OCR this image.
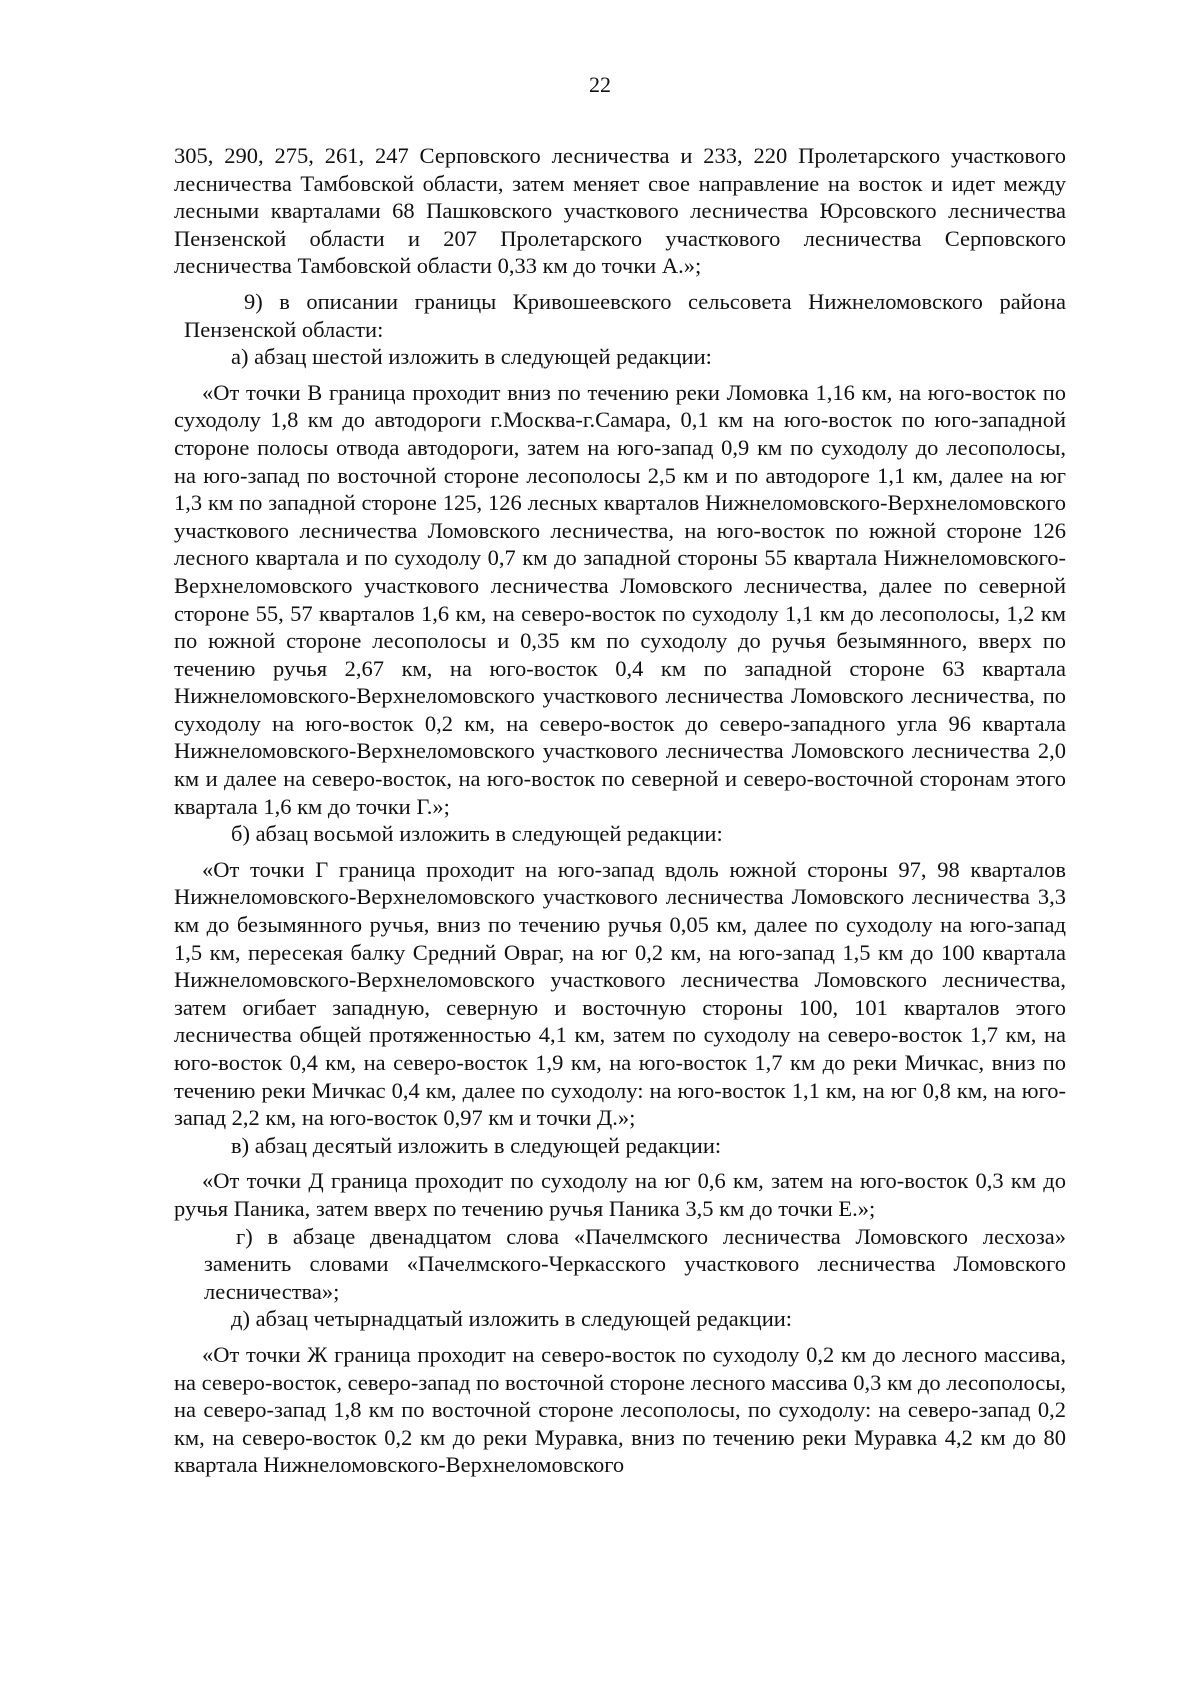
22

305, 290, 275, 261, 247 Серповского лесничества и 233, 220 Пролетарского участкового лесничества Тамбовской области, затем меняет свое направление на восток и идет между лесными кварталами 68 Пашковского участкового лесничества Юрсовского лесничества Пензенской области и 207 Пролетарского участкового лесничества Серповского лесничества Тамбовской области 0,33 км до точки А.»;

9) в описании границы Кривошеевского сельсовета Нижнеломовского района Пензенской области:

а) абзац шестой изложить в следующей редакции:

«От точки В граница проходит вниз по течению реки Ломовка 1,16 км, на юго-восток по суходолу 1,8 км до автодороги г.Москва-г.Самара, 0,1 км на юго-восток по юго-западной стороне полосы отвода автодороги, затем на юго-запад 0,9 км по суходолу до лесополосы, на юго-запад по восточной стороне лесополосы 2,5 км и по автодороге 1,1 км, далее на юг 1,3 км по западной стороне 125, 126 лесных кварталов Нижнеломовского-Верхнеломовского участкового лесничества Ломовского лесничества, на юго-восток по южной стороне 126 лесного квартала и по суходолу 0,7 км до западной стороны 55 квартала Нижнеломовского-Верхнеломовского участкового лесничества Ломовского лесничества, далее по северной стороне 55, 57 кварталов 1,6 км, на северо-восток по суходолу 1,1 км до лесополосы, 1,2 км по южной стороне лесополосы и 0,35 км по суходолу до ручья безымянного, вверх по течению ручья 2,67 км, на юго-восток 0,4 км по западной стороне 63 квартала Нижнеломовского-Верхнеломовского участкового лесничества Ломовского лесничества, по суходолу на юго-восток 0,2 км, на северо-восток до северо-западного угла 96 квартала Нижнеломовского-Верхнеломовского участкового лесничества Ломовского лесничества 2,0 км и далее на северо-восток, на юго-восток по северной и северо-восточной сторонам этого квартала 1,6 км до точки Г.»;

б) абзац восьмой изложить в следующей редакции:

«От точки Г граница проходит на юго-запад вдоль южной стороны 97, 98 кварталов Нижнеломовского-Верхнеломовского участкового лесничества Ломовского лесничества 3,3 км до безымянного ручья, вниз по течению ручья 0,05 км, далее по суходолу на юго-запад 1,5 км, пересекая балку Средний Овраг, на юг 0,2 км, на юго-запад 1,5 км до 100 квартала Нижнеломовского-Верхнеломовского участкового лесничества Ломовского лесничества, затем огибает западную, северную и восточную стороны 100, 101 кварталов этого лесничества общей протяженностью 4,1 км, затем по суходолу на северо-восток 1,7 км, на юго-восток 0,4 км, на северо-восток 1,9 км, на юго-восток 1,7 км до реки Мичкас, вниз по течению реки Мичкас 0,4 км, далее по суходолу: на юго-восток 1,1 км, на юг 0,8 км, на юго-запад 2,2 км, на юго-восток 0,97 км и точки Д.»;

в) абзац десятый изложить в следующей редакции:

«От точки Д граница проходит по суходолу на юг 0,6 км, затем на юго-восток 0,3 км до ручья Паника, затем вверх по течению ручья Паника 3,5 км до точки Е.»;

г) в абзаце двенадцатом слова «Пачелмского лесничества Ломовского лесхоза» заменить словами «Пачелмского-Черкасского участкового лесничества Ломовского лесничества»;

д) абзац четырнадцатый изложить в следующей редакции:

«От точки Ж граница проходит на северо-восток по суходолу 0,2 км до лесного массива, на северо-восток, северо-запад по восточной стороне лесного массива 0,3 км до лесополосы, на северо-запад 1,8 км по восточной стороне лесополосы, по суходолу: на северо-запад 0,2 км, на северо-восток 0,2 км до реки Муравка, вниз по течению реки Муравка 4,2 км до 80 квартала Нижнеломовского-Верхнеломовского
